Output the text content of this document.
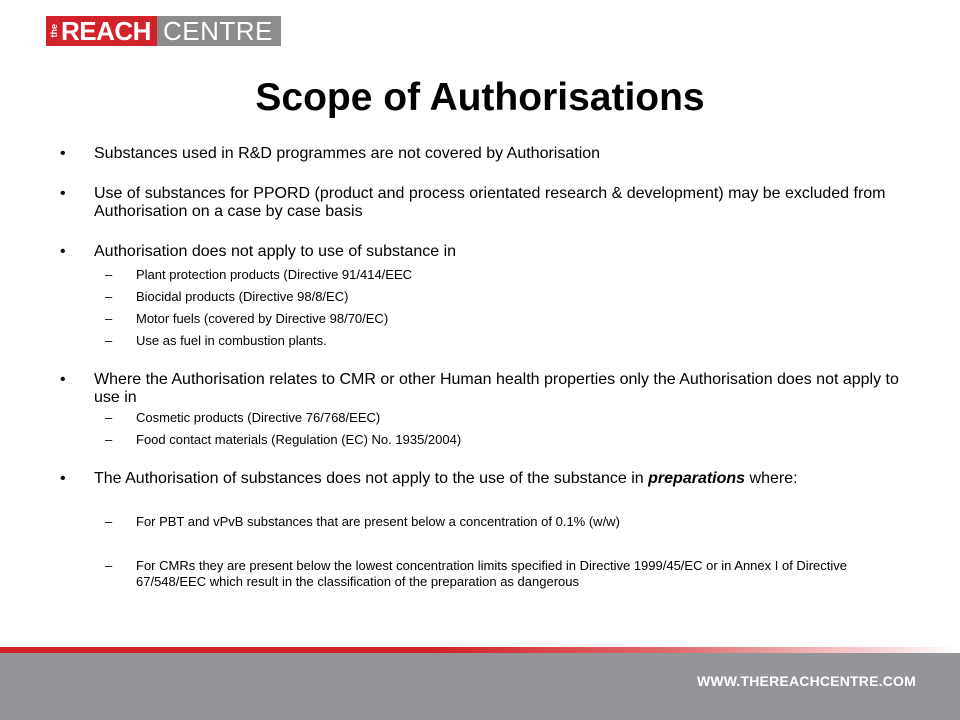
the REACH CENTRE
Scope of Authorisations
• Substances used in R&D programmes are not covered by Authorisation
• Use of substances for PPORD (product and process orientated research & development) may be excluded from Authorisation on a case by case basis
• Authorisation does not apply to use of substance in
– Plant protection products (Directive 91/414/EEC
– Biocidal products (Directive 98/8/EC)
– Motor fuels (covered by Directive 98/70/EC)
– Use as fuel in combustion plants.
• Where the Authorisation relates to CMR or other Human health properties only the Authorisation does not apply to use in
– Cosmetic products (Directive 76/768/EEC)
– Food contact materials (Regulation (EC) No. 1935/2004)
• The Authorisation of substances does not apply to the use of the substance in preparations where:
– For PBT and vPvB substances that are present below a concentration of 0.1% (w/w)
– For CMRs they are present below the lowest concentration limits specified in Directive 1999/45/EC or in Annex I of Directive 67/548/EEC which result in the classification of the preparation as dangerous
WWW.THEREACHCENTRE.COM
